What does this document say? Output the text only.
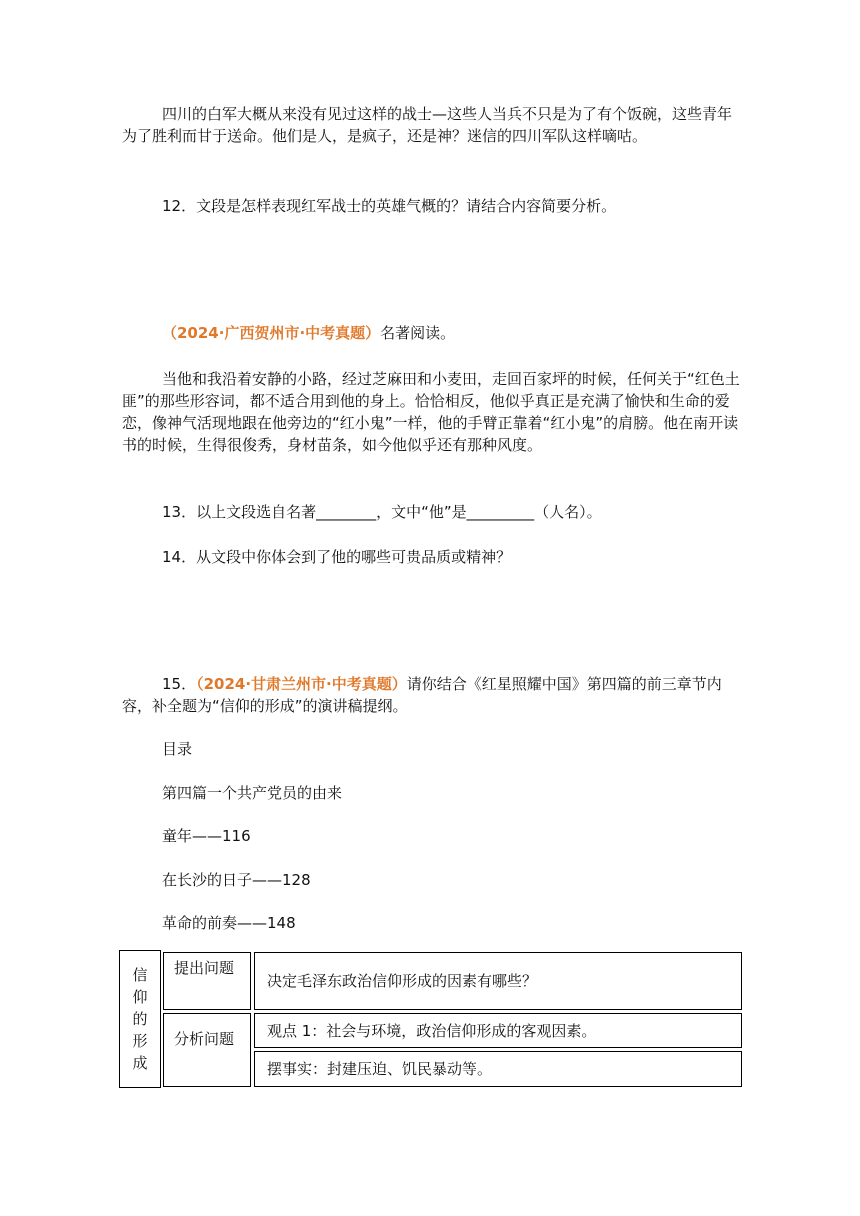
四川的白军大概从来没有见过这样的战士—这些人当兵不只是为了有个饭碗，这些青年为了胜利而甘于送命。他们是人，是疯子，还是神？迷信的四川军队这样嘀咕。

12．文段是怎样表现红军战士的英雄气概的？请结合内容简要分析。
（2024·广西贺州市·中考真题）名著阅读。

当他和我沿着安静的小路，经过芝麻田和小麦田，走回百家坪的时候，任何关于“红色土匪”的那些形容词，都不适合用到他的身上。恰恰相反，他似乎真正是充满了愉快和生命的爱恋，像神气活现地跟在他旁边的“红小鬼”一样，他的手臂正靠着“红小鬼”的肩膀。他在南开读书的时候，生得很俊秀，身材苗条，如今他似乎还有那种风度。

13．以上文段选自名著________，文中“他”是_________（人名）。
14．从文段中你体会到了他的哪些可贵品质或精神？

15．（2024·甘肃兰州市·中考真题）请你结合《红星照耀中国》第四篇的前三章节内容，补全题为“信仰的形成”的演讲稿提纲。

目录
第四篇一个共产党员的由来
童年——116
在长沙的日子——128
革命的前奏——148
信
仰
的
形
成
提出问题
决定毛泽东政治信仰形成的因素有哪些？
分析问题	观点 1：社会与环境，政治信仰形成的客观因素。
摆事实：封建压迫、饥民暴动等。
